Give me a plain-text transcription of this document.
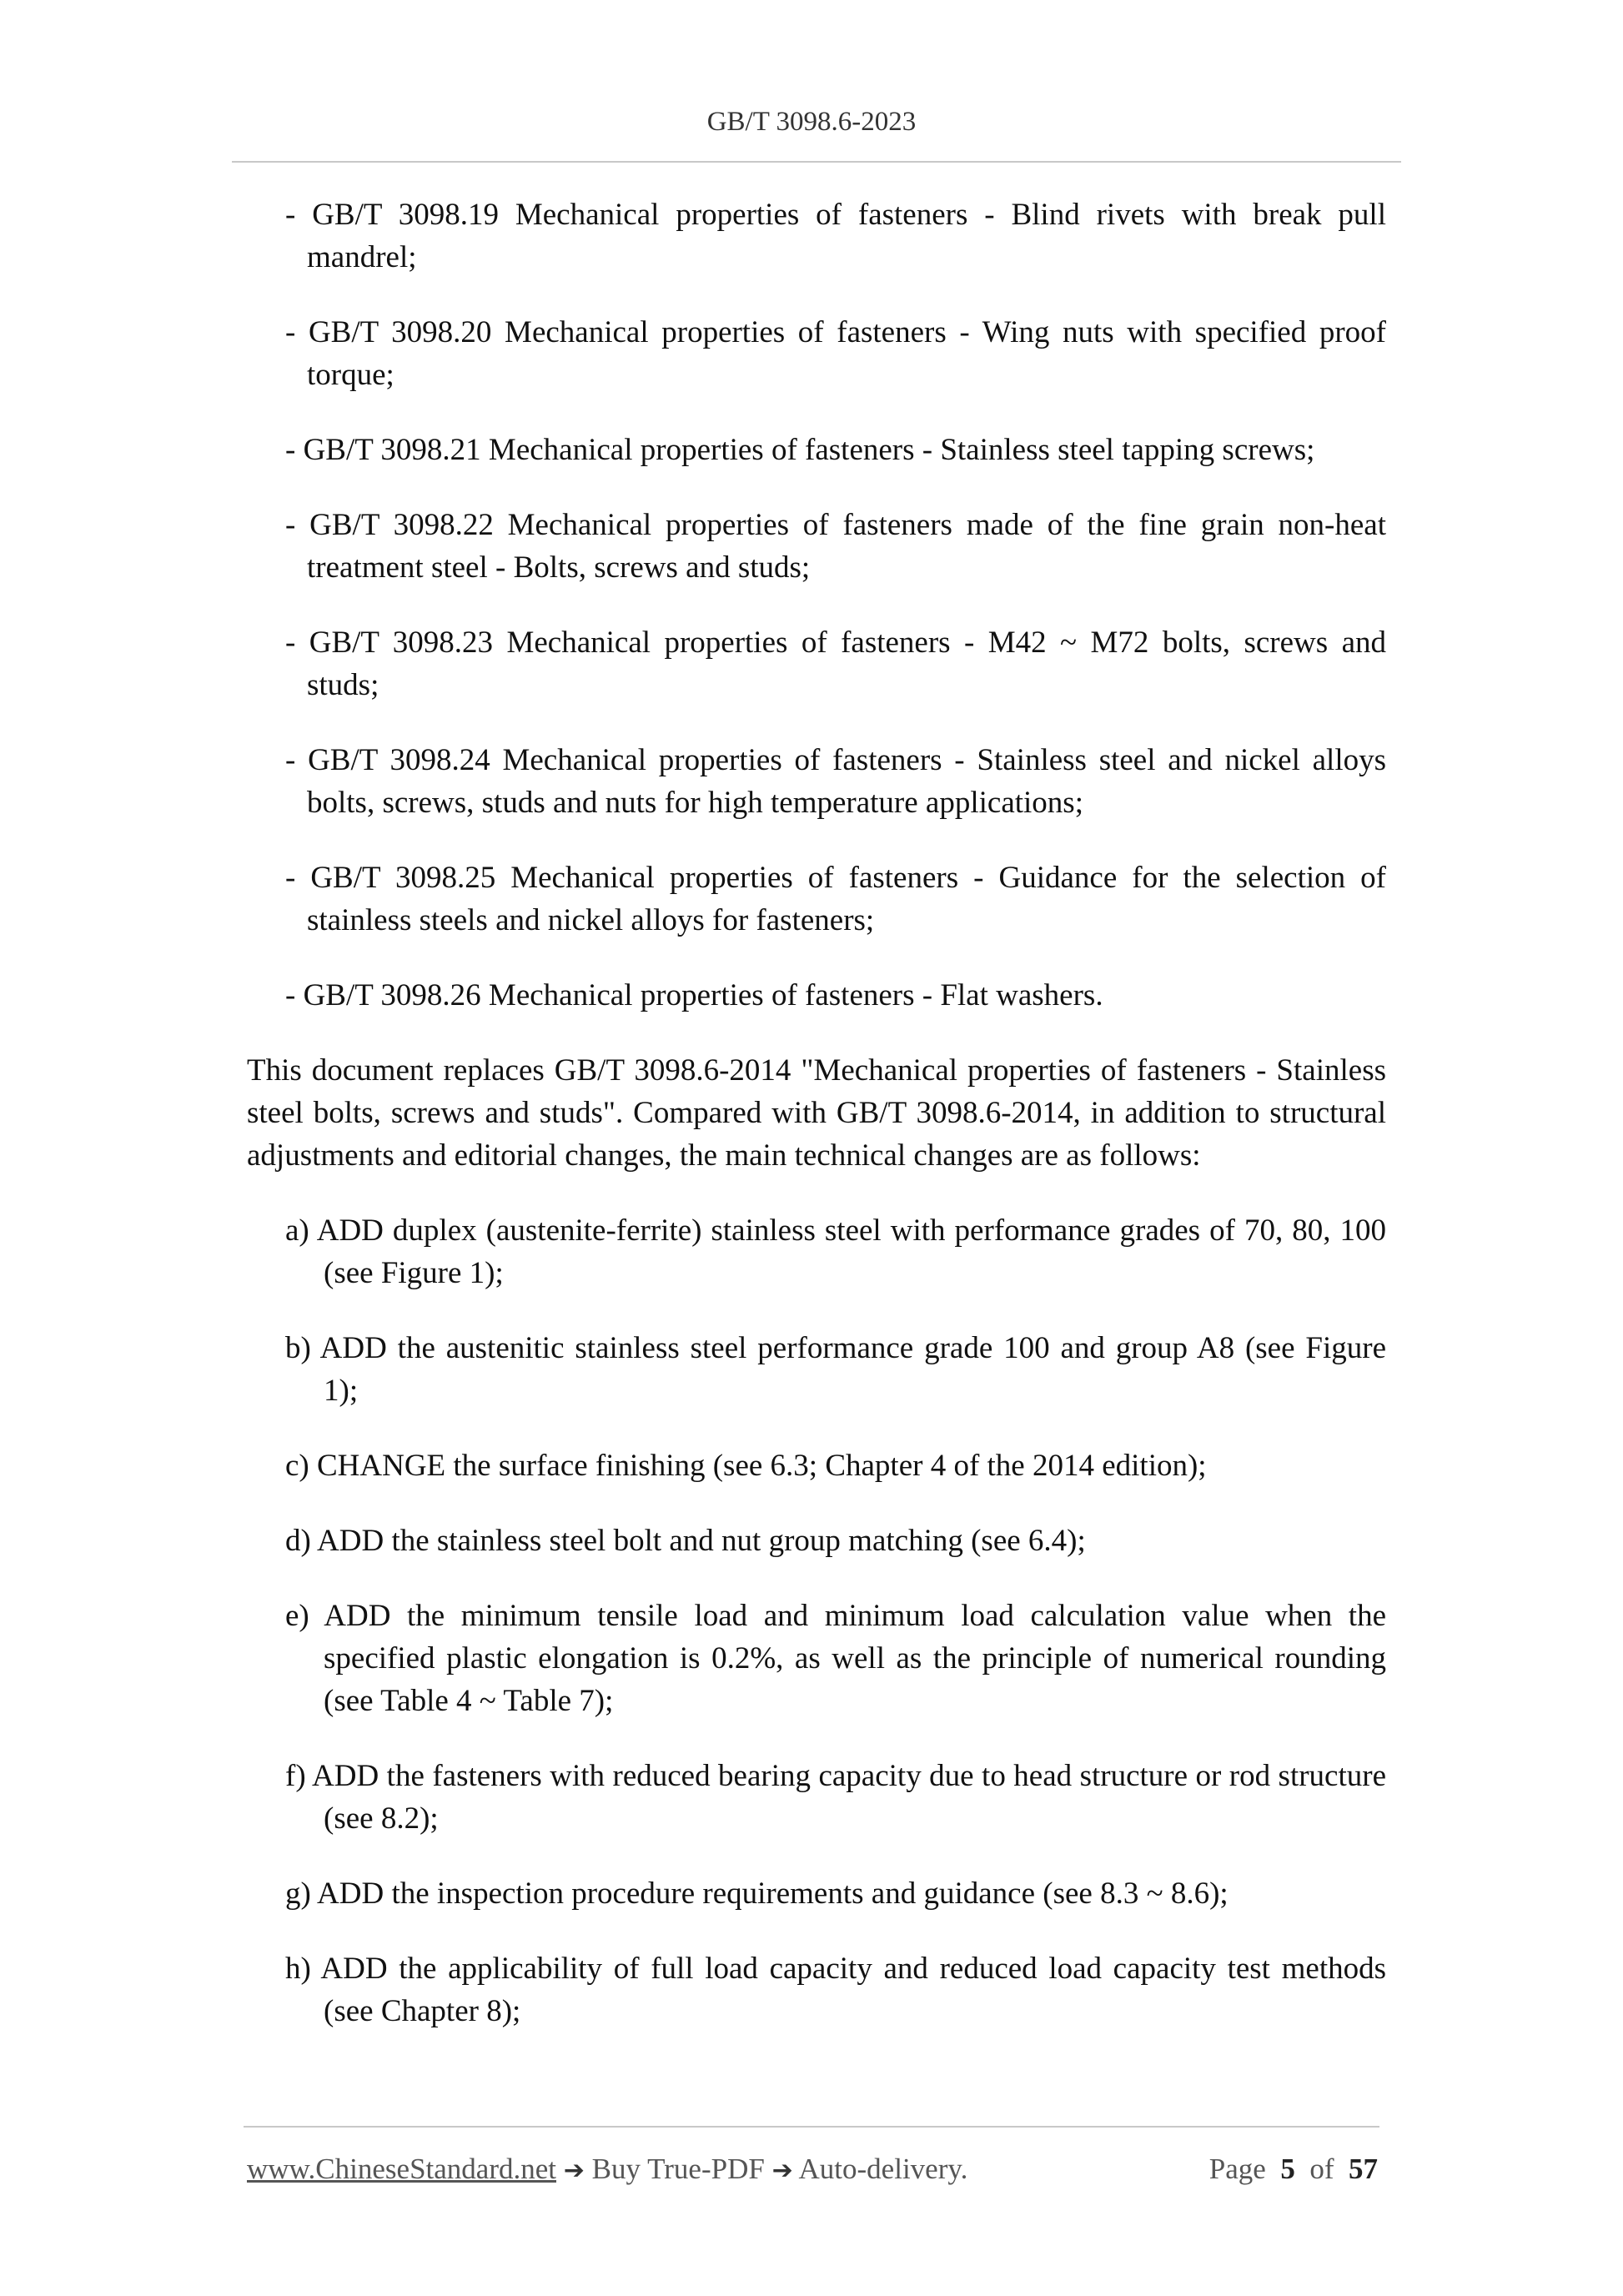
GB/T 3098.6-2023
- GB/T 3098.19 Mechanical properties of fasteners - Blind rivets with break pull mandrel;
- GB/T 3098.20 Mechanical properties of fasteners - Wing nuts with specified proof torque;
- GB/T 3098.21 Mechanical properties of fasteners - Stainless steel tapping screws;
- GB/T 3098.22 Mechanical properties of fasteners made of the fine grain non-heat treatment steel - Bolts, screws and studs;
- GB/T 3098.23 Mechanical properties of fasteners - M42 ~ M72 bolts, screws and studs;
- GB/T 3098.24 Mechanical properties of fasteners - Stainless steel and nickel alloys bolts, screws, studs and nuts for high temperature applications;
- GB/T 3098.25 Mechanical properties of fasteners - Guidance for the selection of stainless steels and nickel alloys for fasteners;
- GB/T 3098.26 Mechanical properties of fasteners - Flat washers.

This document replaces GB/T 3098.6-2014 "Mechanical properties of fasteners - Stainless steel bolts, screws and studs". Compared with GB/T 3098.6-2014, in addition to structural adjustments and editorial changes, the main technical changes are as follows:

a) ADD duplex (austenite-ferrite) stainless steel with performance grades of 70, 80, 100 (see Figure 1);
b) ADD the austenitic stainless steel performance grade 100 and group A8 (see Figure 1);
c) CHANGE the surface finishing (see 6.3; Chapter 4 of the 2014 edition);
d) ADD the stainless steel bolt and nut group matching (see 6.4);
e) ADD the minimum tensile load and minimum load calculation value when the specified plastic elongation is 0.2%, as well as the principle of numerical rounding (see Table 4 ~ Table 7);
f) ADD the fasteners with reduced bearing capacity due to head structure or rod structure (see 8.2);
g) ADD the inspection procedure requirements and guidance (see 8.3 ~ 8.6);
h) ADD the applicability of full load capacity and reduced load capacity test methods (see Chapter 8);
www.ChineseStandard.net ➔ Buy True-PDF ➔ Auto-delivery.	Page 5 of 57
